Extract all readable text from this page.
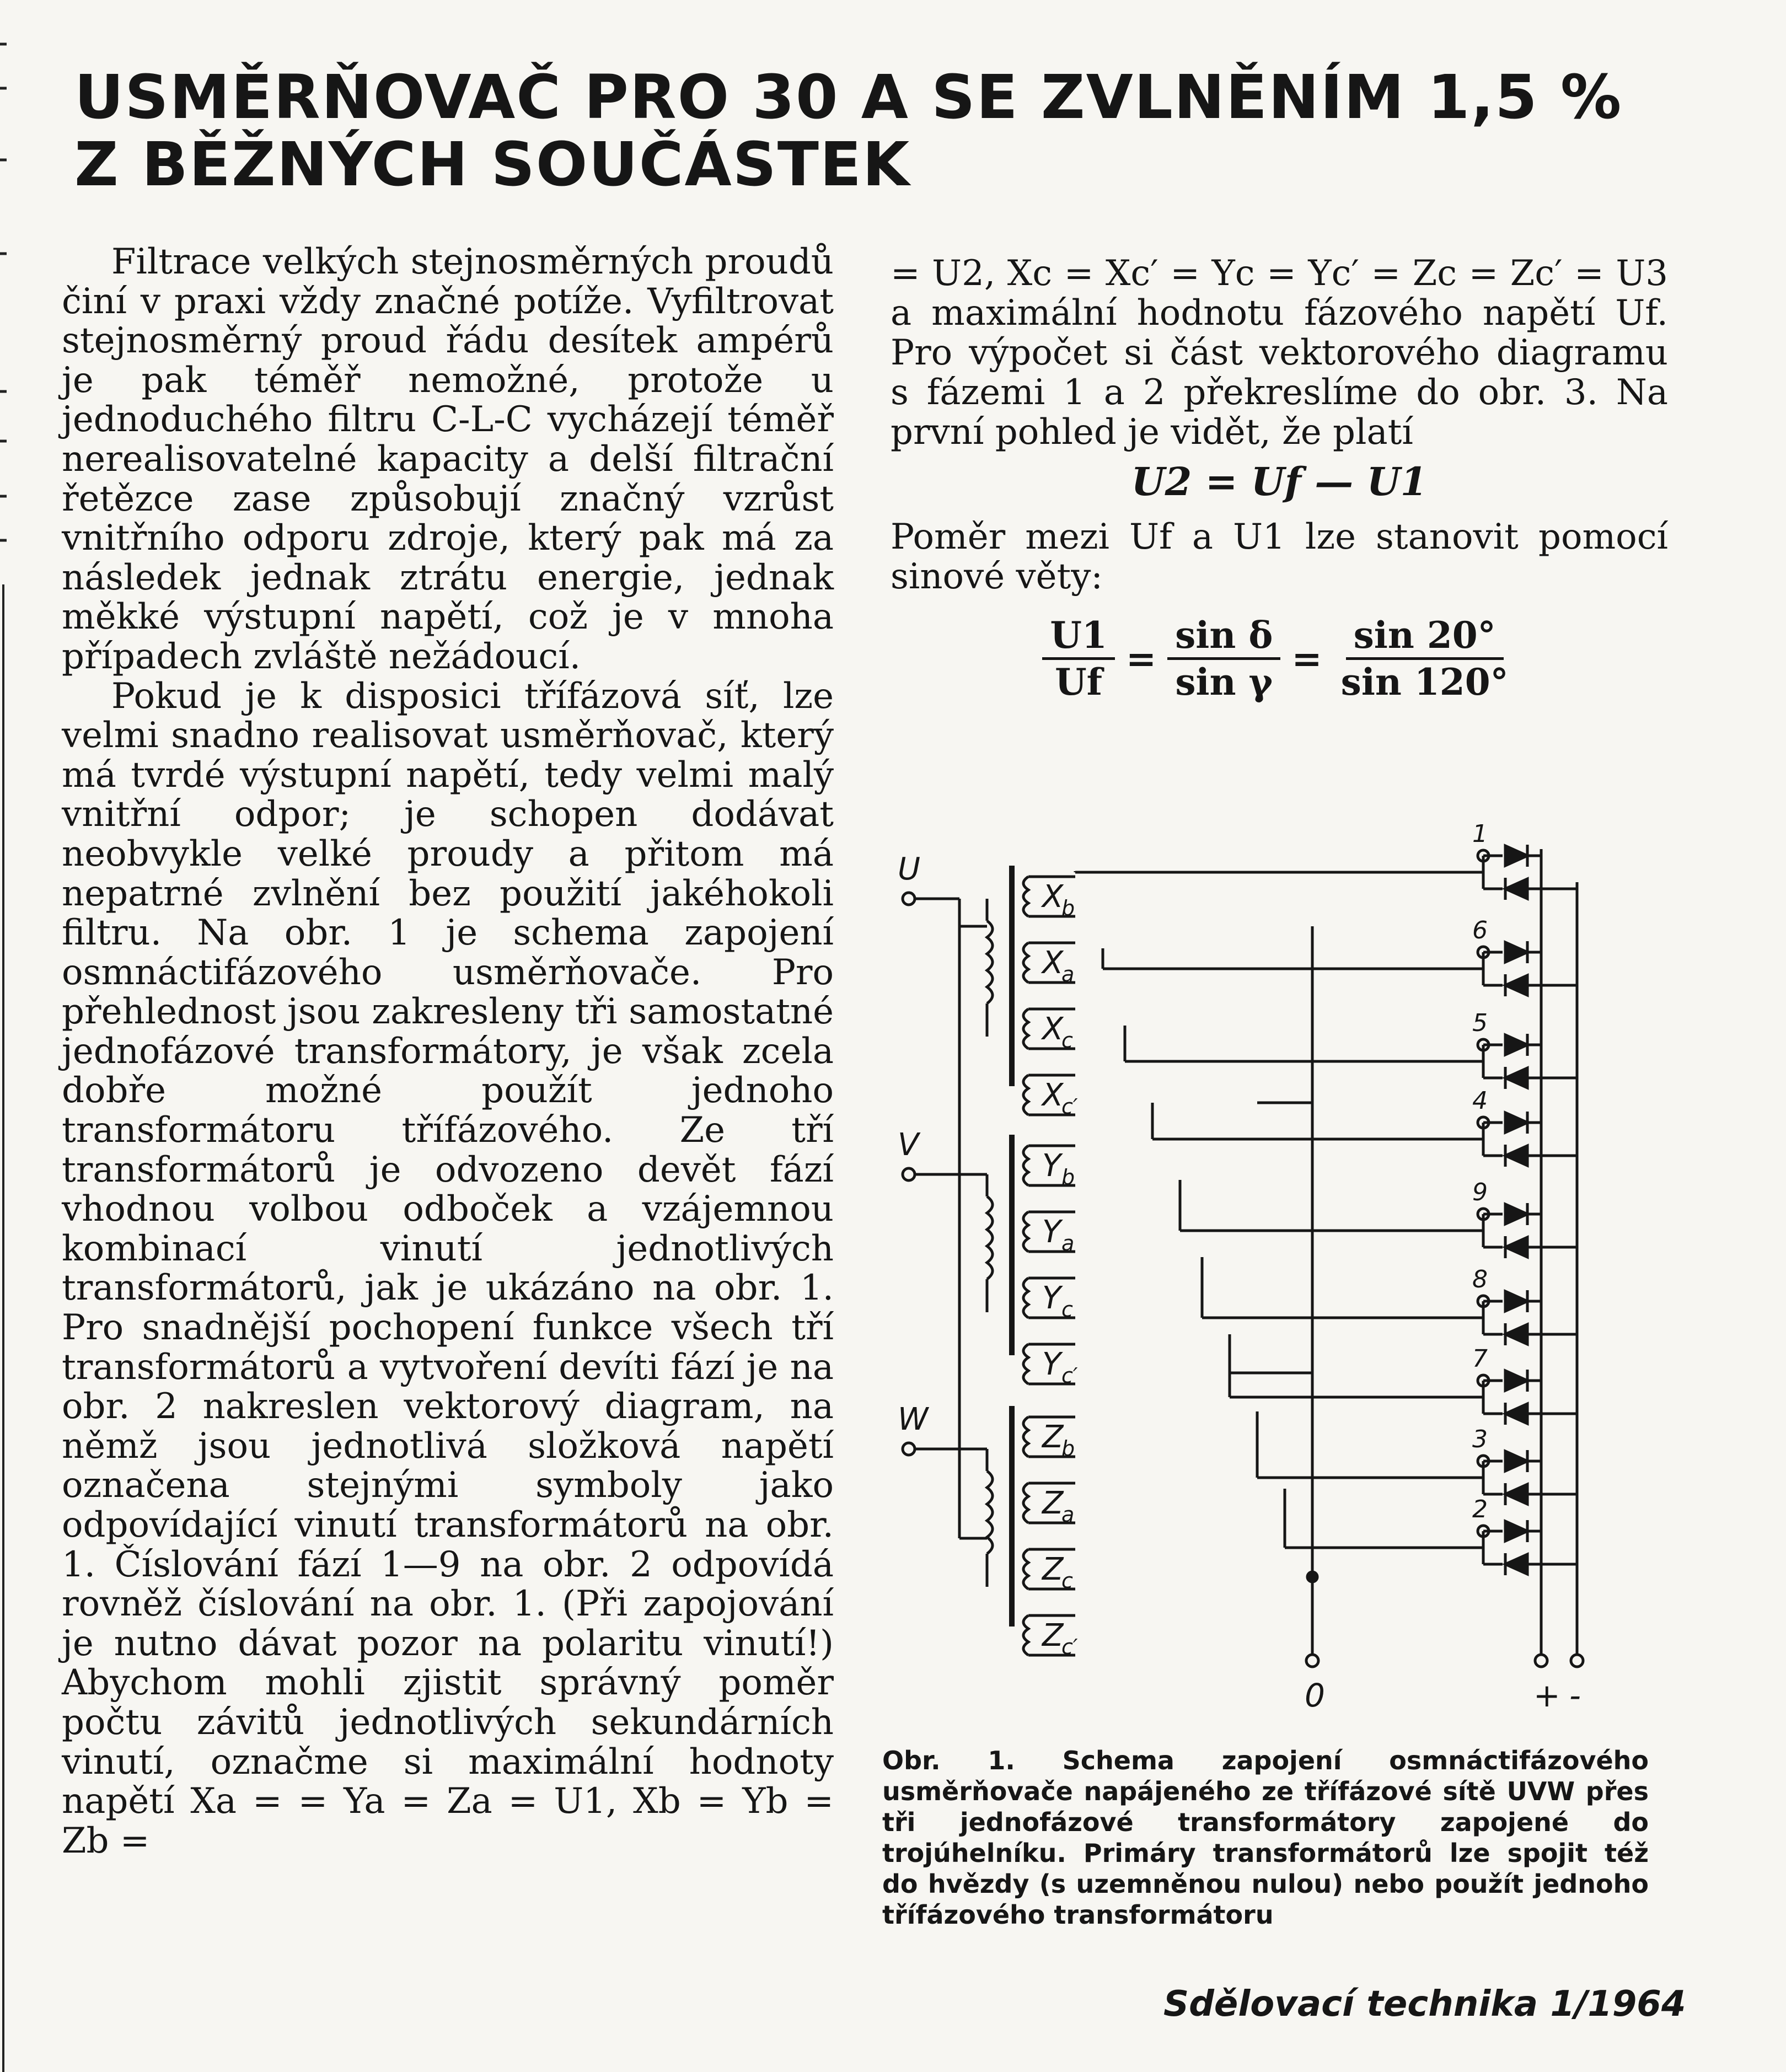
USMĚRŇOVAČ PRO 30 A SE ZVLNĚNÍM 1,5 %
Z BĚŽNÝCH SOUČÁSTEK

Filtrace velkých stejnosměrných proudů činí v praxi vždy značné potíže. Vyfiltrovat stejnosměrný proud řádu desítek ampérů je pak téměř nemožné, protože u jednoduchého filtru C-L-C vycházejí téměř nerealisovatelné kapacity a delší filtrační řetězce zase způsobují značný vzrůst vnitřního odporu zdroje, který pak má za následek jednak ztrátu energie, jednak měkké výstupní napětí, což je v mnoha případech zvláště nežádoucí.

Pokud je k disposici třífázová síť, lze velmi snadno realisovat usměrňovač, který má tvrdé výstupní napětí, tedy velmi malý vnitřní odpor; je schopen dodávat neobvykle velké proudy a přitom má nepatrné zvlnění bez použití jakéhokoli filtru. Na obr. 1 je schema zapojení osmnáctifázového usměrňovače. Pro přehlednost jsou zakresleny tři samostatné jednofázové transformátory, je však zcela dobře možné použít jednoho transformátoru třífázového. Ze tří transformátorů je odvozeno devět fází vhodnou volbou odboček a vzájemnou kombinací vinutí jednotlivých transformátorů, jak je ukázáno na obr. 1. Pro snadnější pochopení funkce všech tří transformátorů a vytvoření devíti fází je na obr. 2 nakreslen vektorový diagram, na němž jsou jednotlivá složková napětí označena stejnými symboly jako odpovídající vinutí transformátorů na obr. 1. Číslování fází 1—9 na obr. 2 odpovídá rovněž číslování na obr. 1. (Při zapojování je nutno dávat pozor na polaritu vinutí!) Abychom mohli zjistit správný poměr počtu závitů jednotlivých sekundárních vinutí, označme si maximální hodnoty napětí Xa = = Ya = Za = U1, Xb = Yb = Zb =

= U2, Xc = Xc′ = Yc = Yc′ = Zc = Zc′ = U3 a maximální hodnotu fázového napětí Uf. Pro výpočet si část vektorového diagramu s fázemi 1 a 2 překreslíme do obr. 3. Na první pohled je vidět, že platí

U2 = Uf — U1

Poměr mezi Uf a U1 lze stanovit pomocí sinové věty:

$\frac{U1}{Uf} = \frac{\text{sin δ}}{\text{sin γ}} = \frac{\sin 20^\circ}{\sin 120^\circ}$
U
V
W
X
b
X
a
X
c
X
c′
Y b
Y a
Y c
Y c′
Z
b
Z
a
Z
c
Z
c′
1
6
5
4
9
8
7
3
2
0	+ -
Obr. 1. Schema zapojení osmnáctifázového usměrňovače napájeného ze třífázové sítě UVW přes tři jednofázové transformátory zapojené do trojúhelníku. Primáry transformátorů lze spojit též do hvězdy (s uzemněnou nulou) nebo použít jednoho třífázového transformátoru
Sdělovací technika 1/1964
